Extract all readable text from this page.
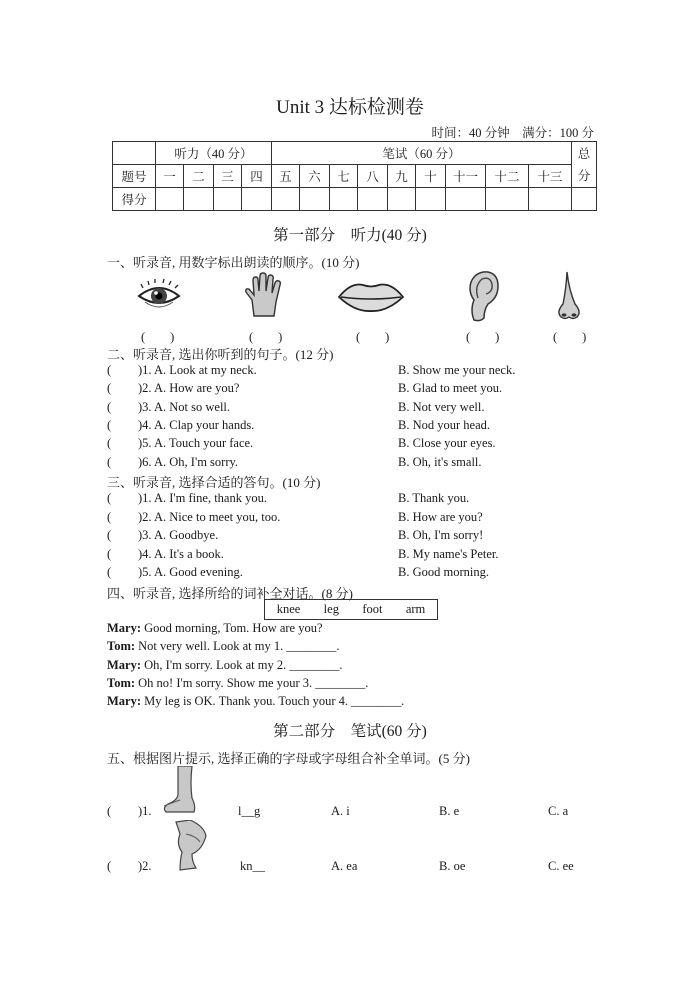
Unit 3 达标检测卷
时间：40 分钟　满分：100 分
	听力（40 分）				笔试（60 分）									总分
题号	一	二	三	四	五	六	七	八	九	十	十一	十二	十三	
得分														
第一部分　听力(40 分)
一、听录音, 用数字标出朗读的顺序。(10 分)
(　　)	(　　)	(　　)	(　　)	(　　)
二、听录音, 选出你听到的句子。(12 分)
( )1. A. Look at my neck.	B. Show me your neck.
( )2. A. How are you?	B. Glad to meet you.
( )3. A. Not so well.	B. Not very well.
( )4. A. Clap your hands.	B. Nod your head.
( )5. A. Touch your face.	B. Close your eyes.
( )6. A. Oh, I'm sorry.	B. Oh, it's small.
三、听录音, 选择合适的答句。(10 分)
( )1. A. I'm fine, thank you.	B. Thank you.
( )2. A. Nice to meet you, too.	B. How are you?
( )3. A. Goodbye.	B. Oh, I'm sorry!
( )4. A. It's a book.	B. My name's Peter.
( )5. A. Good evening.	B. Good morning.
四、听录音, 选择所给的词补全对话。(8 分)
knee leg foot arm
Mary: Good morning, Tom. How are you?
Tom: Not very well. Look at my 1. ________.
Mary: Oh, I'm sorry. Look at my 2. ________.
Tom: Oh no! I'm sorry. Show me your 3. ________.
Mary: My leg is OK. Thank you. Touch your 4. ________.
第二部分　笔试(60 分)
五、根据图片提示, 选择正确的字母或字母组合补全单词。(5 分)
( )1.	l__g	A. i	B. e	C. a
( )2.	kn__	A. ea	B. oe	C. ee
